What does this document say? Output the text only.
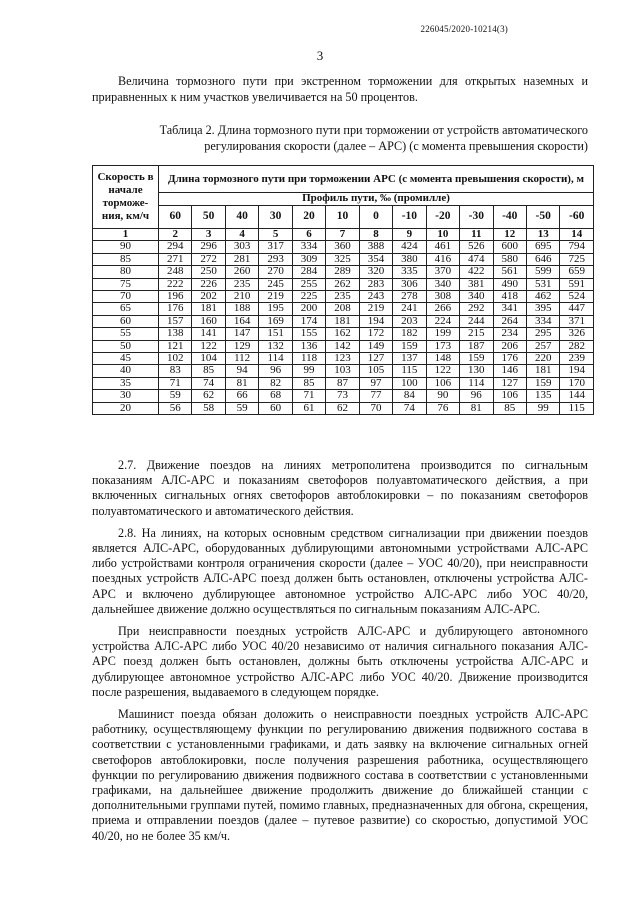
226045/2020-10214(3)
3

Величина тормозного пути при экстренном торможении для открытых наземных и приравненных к ним участков увеличивается на 50 процентов.

Таблица 2. Длина тормозного пути при торможении от устройств автоматического
регулирования скорости (далее – АРС) (с момента превышения скорости)

Скорость в начале торможе-ния, км/ч	Длина тормозного пути при торможении АРС (с момента превышения скорости), м												
	Профиль пути, ‰ (промилле)												
	60	50	40	30	20	10	0	-10	-20	-30	-40	-50	-60
1	2	3	4	5	6	7	8	9	10	11	12	13	14
90	294	296	303	317	334	360	388	424	461	526	600	695	794
85	271	272	281	293	309	325	354	380	416	474	580	646	725
80	248	250	260	270	284	289	320	335	370	422	561	599	659
75	222	226	235	245	255	262	283	306	340	381	490	531	591
70	196	202	210	219	225	235	243	278	308	340	418	462	524
65	176	181	188	195	200	208	219	241	266	292	341	395	447
60	157	160	164	169	174	181	194	203	224	244	264	334	371
55	138	141	147	151	155	162	172	182	199	215	234	295	326
50	121	122	129	132	136	142	149	159	173	187	206	257	282
45	102	104	112	114	118	123	127	137	148	159	176	220	239
40	83	85	94	96	99	103	105	115	122	130	146	181	194
35	71	74	81	82	85	87	97	100	106	114	127	159	170
30	59	62	66	68	71	73	77	84	90	96	106	135	144
20	56	58	59	60	61	62	70	74	76	81	85	99	115

2.7. Движение поездов на линиях метрополитена производится по сигнальным показаниям АЛС-АРС и показаниям светофоров полуавтоматического действия, а при включенных сигнальных огнях светофоров автоблокировки – по показаниям светофоров полуавтоматического и автоматического действия.

2.8. На линиях, на которых основным средством сигнализации при движении поездов является АЛС-АРС, оборудованных дублирующими автономными устройствами АЛС-АРС либо устройствами контроля ограничения скорости (далее – УОС 40/20), при неисправности поездных устройств АЛС-АРС поезд должен быть остановлен, отключены устройства АЛС-АРС и включено дублирующее автономное устройство АЛС-АРС либо УОС 40/20, дальнейшее движение должно осуществляться по сигнальным показаниям АЛС-АРС.

При неисправности поездных устройств АЛС-АРС и дублирующего автономного устройства АЛС-АРС либо УОС 40/20 независимо от наличия сигнального показания АЛС-АРС поезд должен быть остановлен, должны быть отключены устройства АЛС-АРС и дублирующее автономное устройство АЛС-АРС либо УОС 40/20. Движение производится после разрешения, выдаваемого в следующем порядке.

Машинист поезда обязан доложить о неисправности поездных устройств АЛС-АРС работнику, осуществляющему функции по регулированию движения подвижного состава в соответствии с установленными графиками, и дать заявку на включение сигнальных огней светофоров автоблокировки, после получения разрешения работника, осуществляющего функции по регулированию движения подвижного состава в соответствии с установленными графиками, на дальнейшее движение продолжить движение до ближайшей станции с дополнительными группами путей, помимо главных, предназначенных для обгона, скрещения, приема и отправлении поездов (далее – путевое развитие) со скоростью, допустимой УОС 40/20, но не более 35 км/ч.
